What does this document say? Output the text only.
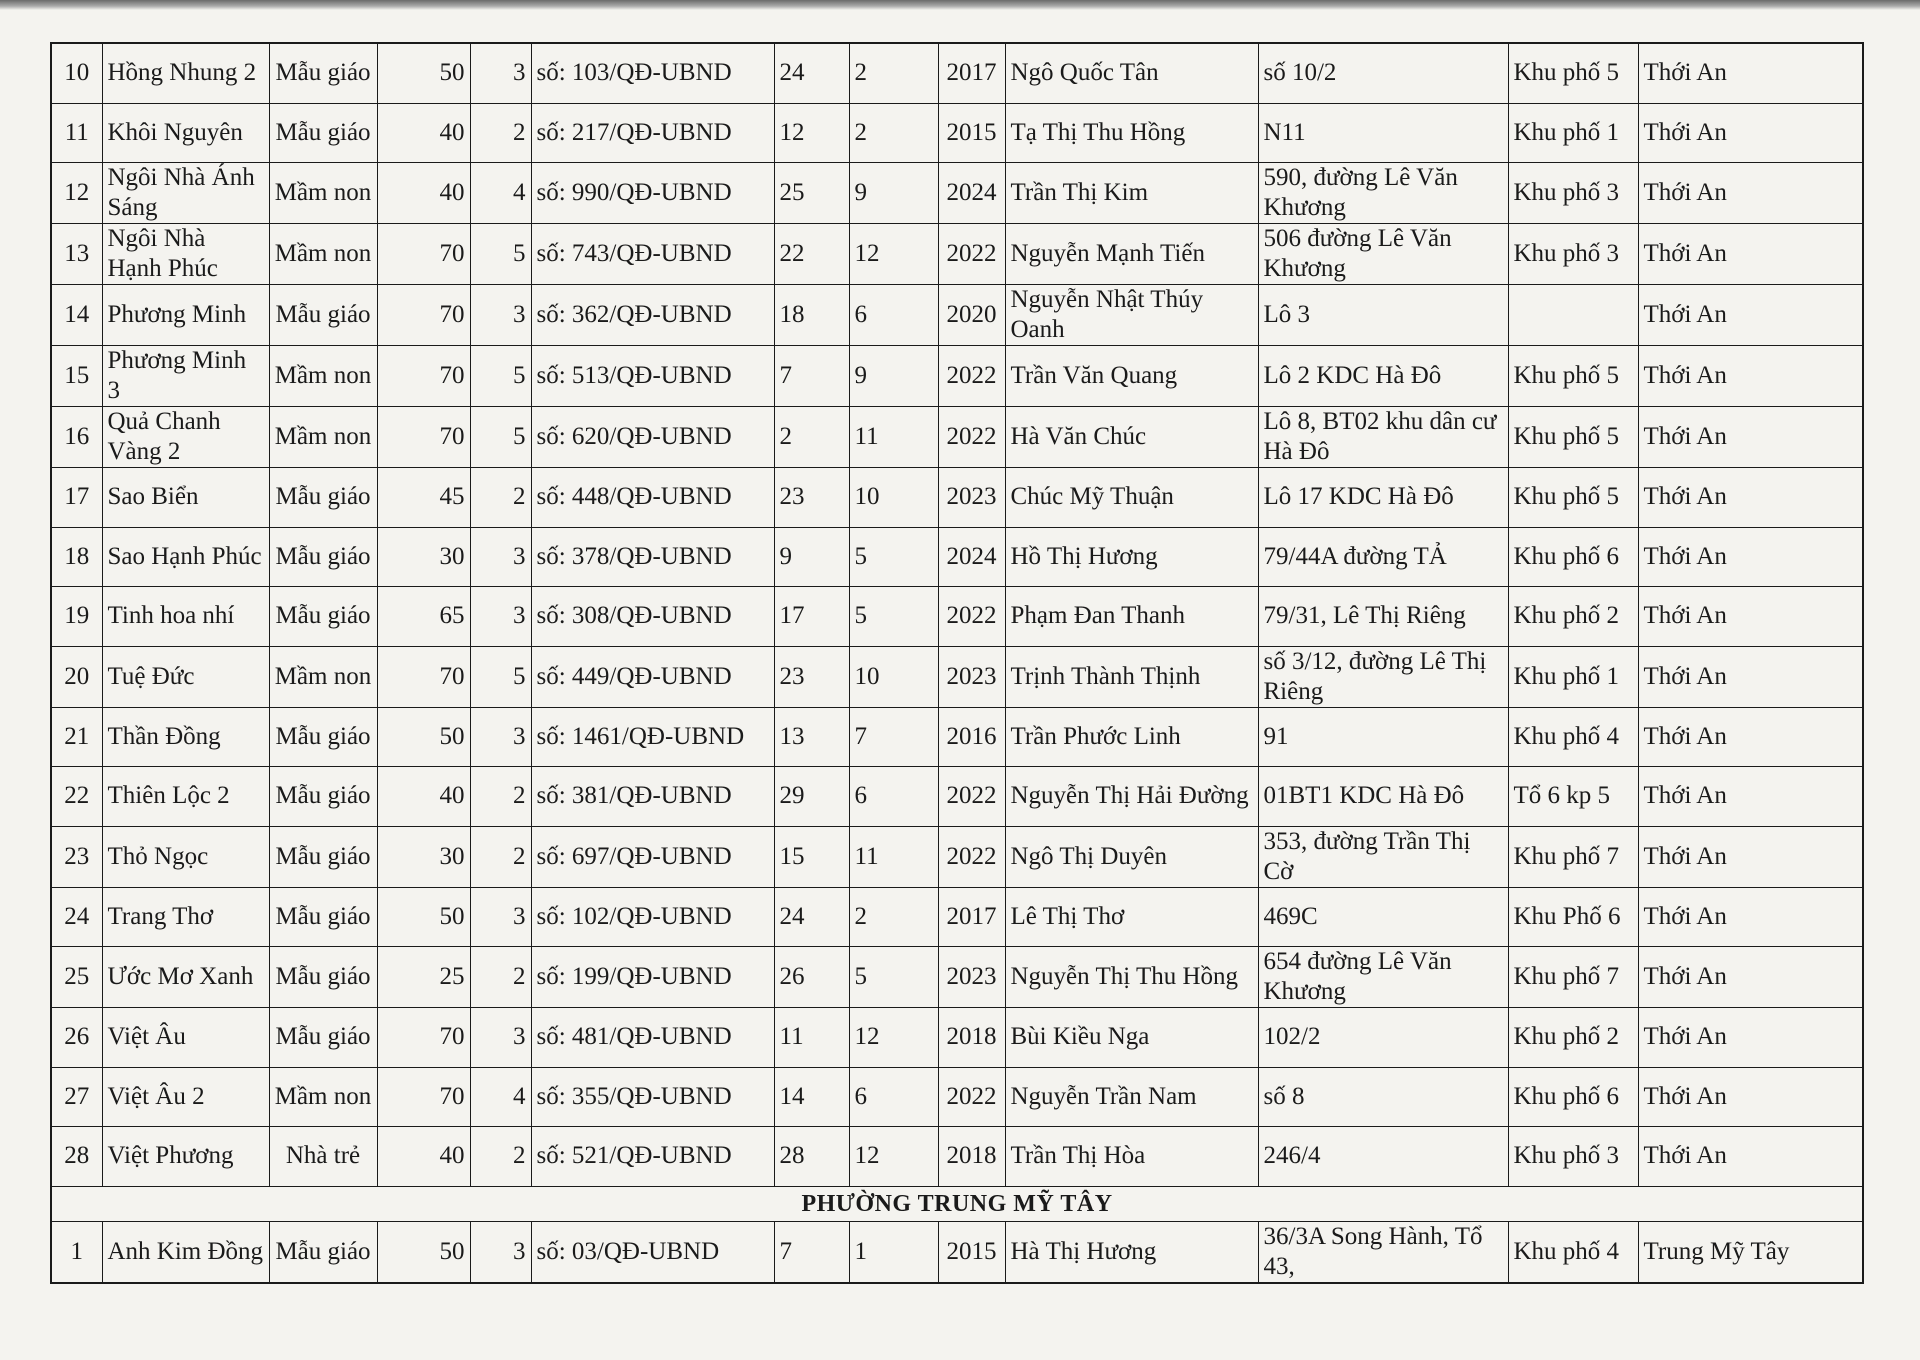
10	Hồng Nhung 2	Mẫu giáo	50	3	số: 103/QĐ-UBND	24	2	2017	Ngô Quốc Tân	số 10/2	Khu phố 5	Thới An
11	Khôi Nguyên	Mẫu giáo	40	2	số: 217/QĐ-UBND	12	2	2015	Tạ Thị Thu Hồng	N11	Khu phố 1	Thới An
12	Ngôi Nhà Ánh Sáng	Mầm non	40	4	số: 990/QĐ-UBND	25	9	2024	Trần Thị Kim	590, đường Lê Văn Khương	Khu phố 3	Thới An
13	Ngôi Nhà Hạnh Phúc	Mầm non	70	5	số: 743/QĐ-UBND	22	12	2022	Nguyễn Mạnh Tiến	506 đường Lê Văn Khương	Khu phố 3	Thới An
14	Phương Minh	Mẫu giáo	70	3	số: 362/QĐ-UBND	18	6	2020	Nguyễn Nhật Thúy Oanh	Lô 3		Thới An
15	Phương Minh 3	Mầm non	70	5	số: 513/QĐ-UBND	7	9	2022	Trần Văn Quang	Lô 2 KDC Hà Đô	Khu phố 5	Thới An
16	Quả Chanh Vàng 2	Mầm non	70	5	số: 620/QĐ-UBND	2	11	2022	Hà Văn Chúc	Lô 8, BT02 khu dân cư Hà Đô	Khu phố 5	Thới An
17	Sao Biển	Mẫu giáo	45	2	số: 448/QĐ-UBND	23	10	2023	Chúc Mỹ Thuận	Lô 17 KDC Hà Đô	Khu phố 5	Thới An
18	Sao Hạnh Phúc	Mẫu giáo	30	3	số: 378/QĐ-UBND	9	5	2024	Hồ Thị Hương	79/44A đường TẢ	Khu phố 6	Thới An
19	Tinh hoa nhí	Mẫu giáo	65	3	số: 308/QĐ-UBND	17	5	2022	Phạm Đan Thanh	79/31, Lê Thị Riêng	Khu phố 2	Thới An
20	Tuệ Đức	Mầm non	70	5	số: 449/QĐ-UBND	23	10	2023	Trịnh Thành Thịnh	số 3/12, đường Lê Thị Riêng	Khu phố 1	Thới An
21	Thần Đồng	Mẫu giáo	50	3	số: 1461/QĐ-UBND	13	7	2016	Trần Phước Linh	91	Khu phố 4	Thới An
22	Thiên Lộc 2	Mẫu giáo	40	2	số: 381/QĐ-UBND	29	6	2022	Nguyễn Thị Hải Đường	01BT1 KDC Hà Đô	Tổ 6 kp 5	Thới An
23	Thỏ Ngọc	Mẫu giáo	30	2	số: 697/QĐ-UBND	15	11	2022	Ngô Thị Duyên	353, đường Trần Thị Cờ	Khu phố 7	Thới An
24	Trang Thơ	Mẫu giáo	50	3	số: 102/QĐ-UBND	24	2	2017	Lê Thị Thơ	469C	Khu Phố 6	Thới An
25	Ước Mơ Xanh	Mẫu giáo	25	2	số: 199/QĐ-UBND	26	5	2023	Nguyễn Thị Thu Hồng	654 đường Lê Văn Khương	Khu phố 7	Thới An
26	Việt Âu	Mẫu giáo	70	3	số: 481/QĐ-UBND	11	12	2018	Bùi Kiều Nga	102/2	Khu phố 2	Thới An
27	Việt Âu 2	Mầm non	70	4	số: 355/QĐ-UBND	14	6	2022	Nguyễn Trần Nam	số 8	Khu phố 6	Thới An
28	Việt Phương	Nhà trẻ	40	2	số: 521/QĐ-UBND	28	12	2018	Trần Thị Hòa	246/4	Khu phố 3	Thới An
PHƯỜNG TRUNG MỸ TÂY												
1	Anh Kim Đồng	Mẫu giáo	50	3	số: 03/QĐ-UBND	7	1	2015	Hà Thị Hương	36/3A Song Hành, Tổ 43,	Khu phố 4	Trung Mỹ Tây
